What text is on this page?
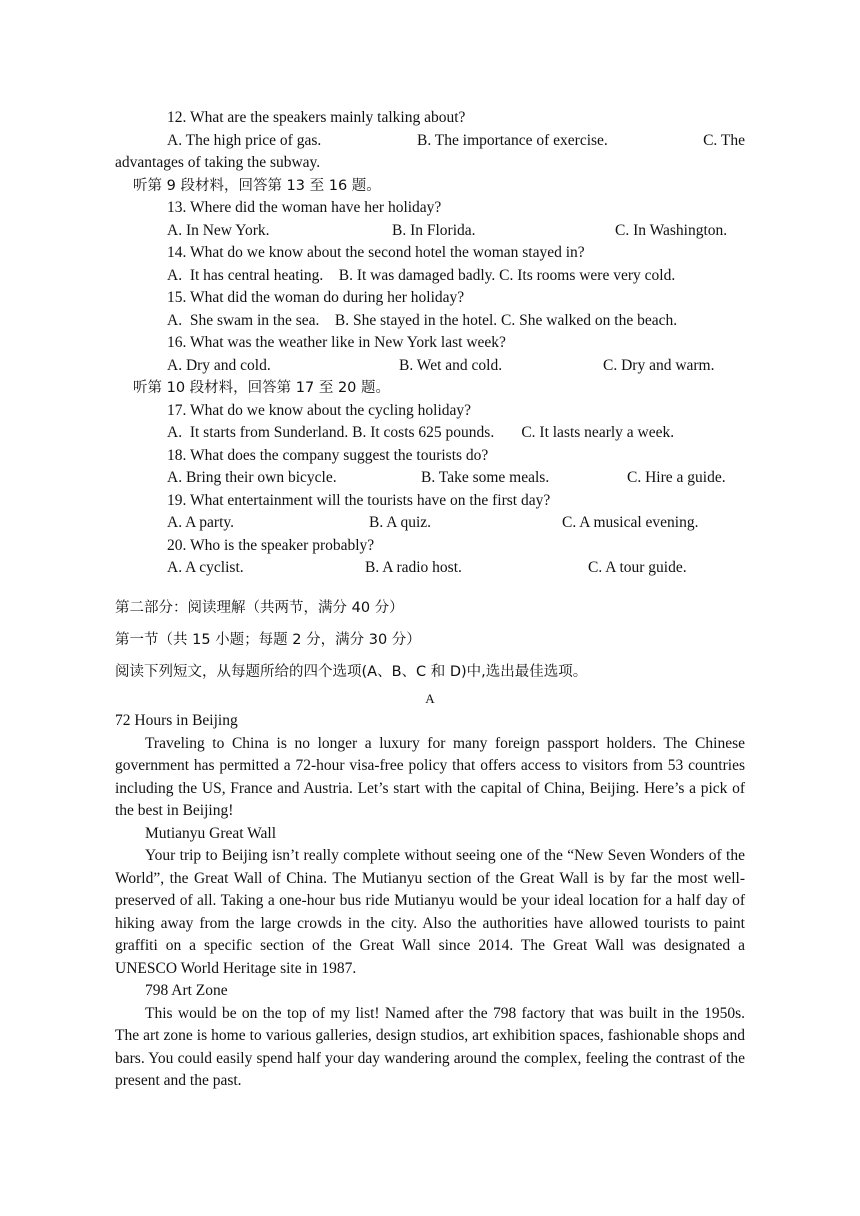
12. What are the speakers mainly talking about?
A. The high price of gas.	B. The importance of exercise.	C. The
advantages of taking the subway.
听第 9 段材料，回答第 13 至 16 题。
13. Where did the woman have her holiday?
A. In New York.	B. In Florida.	C. In Washington.
14. What do we know about the second hotel the woman stayed in?
A.  It has central heating.    B. It was damaged badly. C. Its rooms were very cold.
15. What did the woman do during her holiday?
A.  She swam in the sea.    B. She stayed in the hotel. C. She walked on the beach.
16. What was the weather like in New York last week?
A. Dry and cold.	B. Wet and cold.	C. Dry and warm.
听第 10 段材料，回答第 17 至 20 题。
17. What do we know about the cycling holiday?
A.  It starts from Sunderland. B. It costs 625 pounds.       C. It lasts nearly a week.
18. What does the company suggest the tourists do?
A. Bring their own bicycle.	B. Take some meals.	C. Hire a guide.
19. What entertainment will the tourists have on the first day?
A. A party.	B. A quiz.	C. A musical evening.
20. Who is the speaker probably?
A. A cyclist.	B. A radio host.	C. A tour guide.
第二部分：阅读理解（共两节，满分 40 分）
第一节（共 15 小题；每题 2 分，满分 30 分）
阅读下列短文，从每题所给的四个选项(A、B、C 和 D)中,选出最佳选项。
A
72 Hours in Beijing
Traveling to China is no longer a luxury for many foreign passport holders. The Chinese government has permitted a 72-hour visa-free policy that offers access to visitors from 53 countries including the US, France and Austria. Let’s start with the capital of China, Beijing. Here’s a pick of the best in Beijing!
Mutianyu Great Wall
Your trip to Beijing isn’t really complete without seeing one of the “New Seven Wonders of the World”, the Great Wall of China. The Mutianyu section of the Great Wall is by far the most well-preserved of all. Taking a one-hour bus ride Mutianyu would be your ideal location for a half day of hiking away from the large crowds in the city. Also the authorities have allowed tourists to paint graffiti on a specific section of the Great Wall since 2014. The Great Wall was designated a UNESCO World Heritage site in 1987.
798 Art Zone
This would be on the top of my list! Named after the 798 factory that was built in the 1950s. The art zone is home to various galleries, design studios, art exhibition spaces, fashionable shops and bars. You could easily spend half your day wandering around the complex, feeling the contrast of the present and the past.
